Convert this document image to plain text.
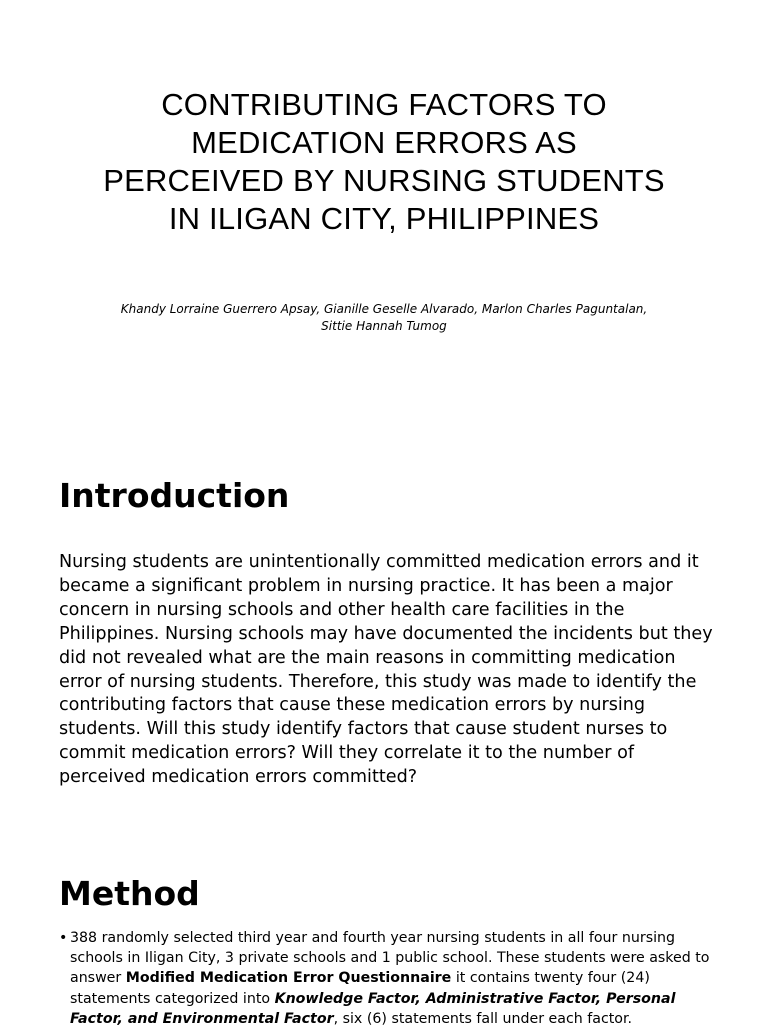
CONTRIBUTING FACTORS TO MEDICATION ERRORS AS PERCEIVED BY NURSING STUDENTS IN ILIGAN CITY, PHILIPPINES

Khandy Lorraine Guerrero Apsay, Gianille Geselle Alvarado, Marlon Charles Paguntalan, Sittie Hannah Tumog

Introduction

Nursing students are unintentionally committed medication errors and it became a significant problem in nursing practice. It has been a major concern in nursing schools and other health care facilities in the Philippines. Nursing schools may have documented the incidents but they did not revealed what are the main reasons in committing medication error of nursing students. Therefore, this study was made to identify the contributing factors that cause these medication errors by nursing students. Will this study identify factors that cause student nurses to commit medication errors? Will they correlate it to the number of perceived medication errors committed?

Method
• 388 randomly selected third year and fourth year nursing students in all four nursing schools in Iligan City, 3 private schools and 1 public school. These students were asked to answer Modified Medication Error Questionnaire it contains twenty four (24) statements categorized into Knowledge Factor, Administrative Factor, Personal Factor, and Environmental Factor, six (6) statements fall under each factor.
